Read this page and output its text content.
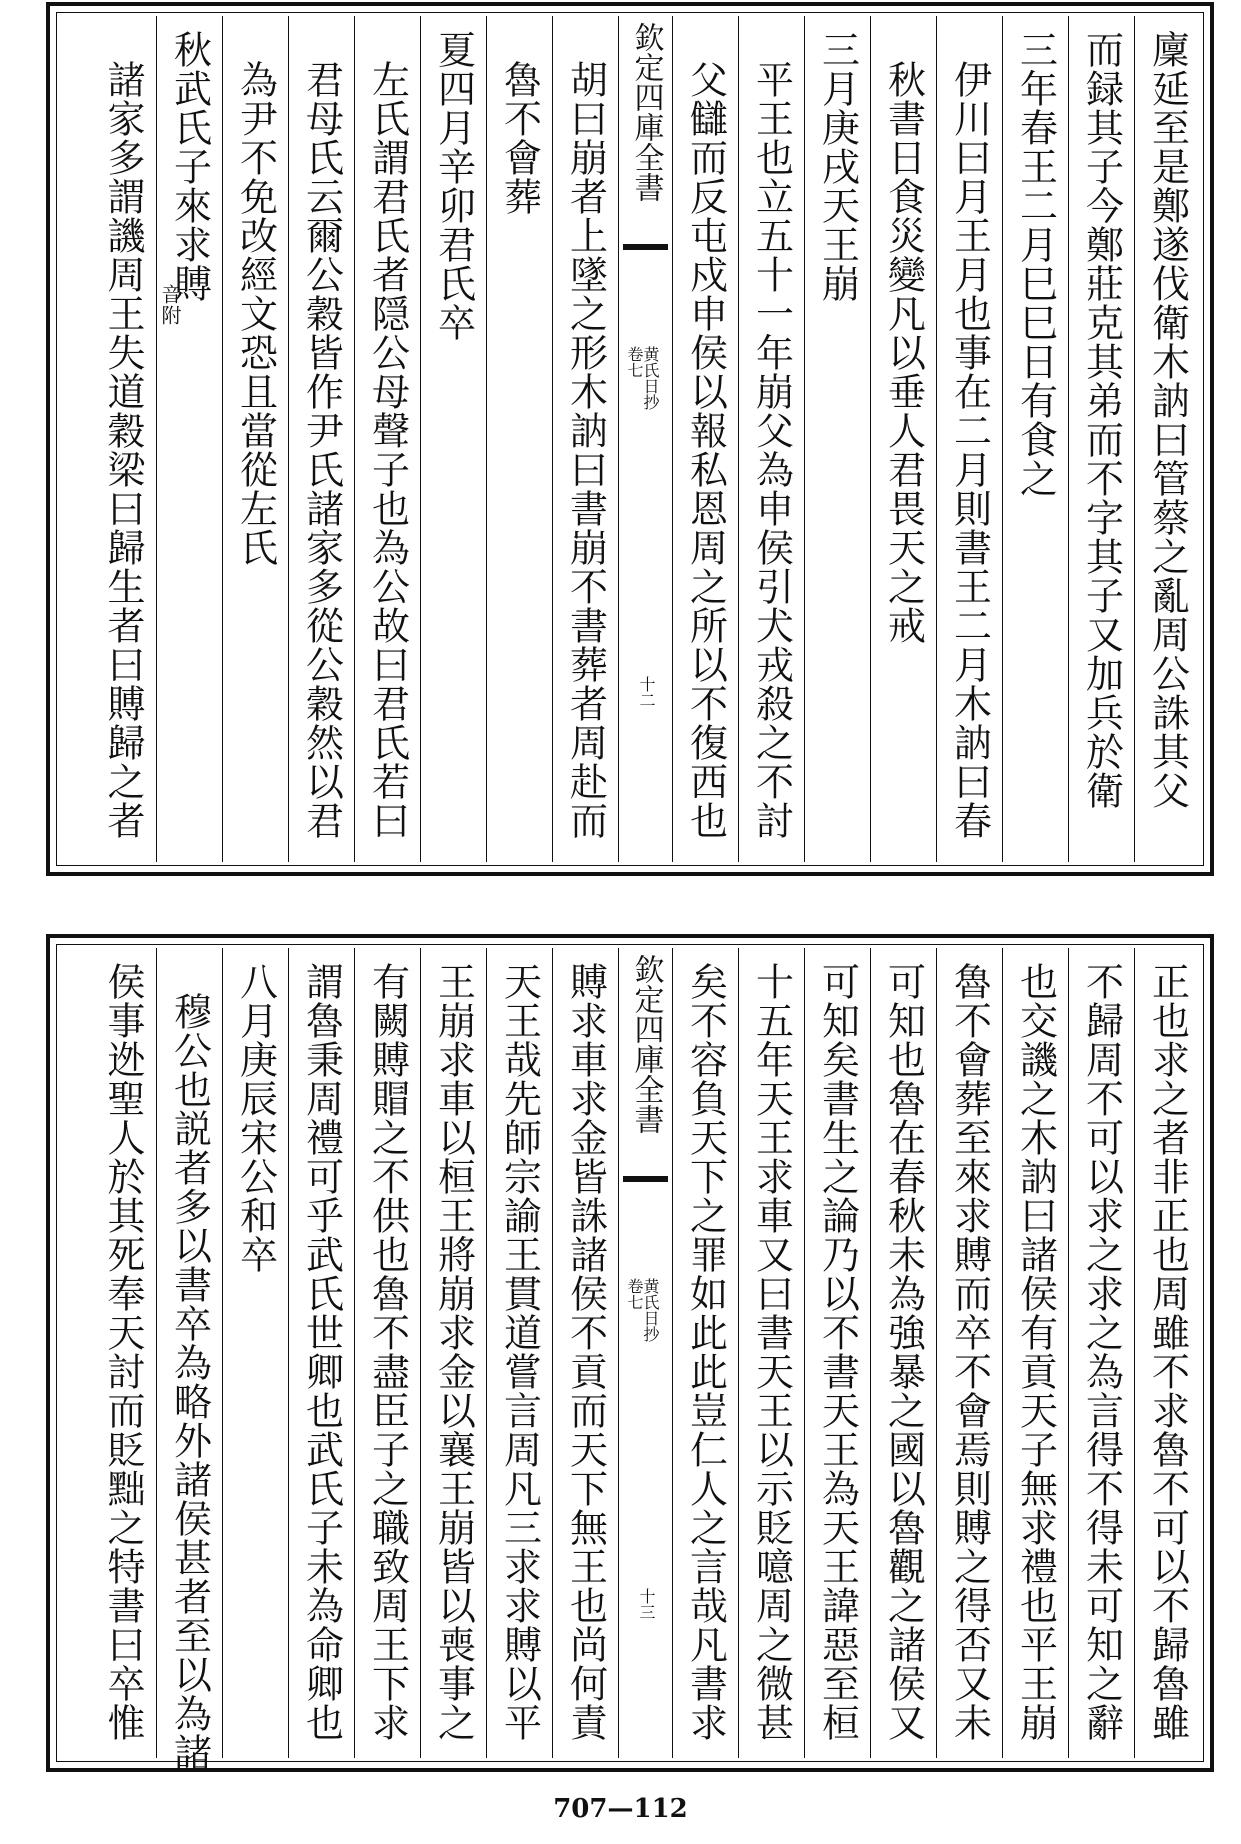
廩延至是鄭遂伐衛木訥曰管蔡之亂周公誅其父
而録其子今鄭莊克其弟而不字其子又加兵於衛
三年春王二月巳巳日有食之
伊川曰月王月也事在二月則書王二月木訥曰春
秋書日食災變凡以垂人君畏天之戒
三月庚戌天王崩
平王也立五十一年崩父為申侯引犬戎殺之不討
父讎而反屯戍申侯以報私恩周之所以不復西也
欽定四庫全書
黄氏日抄
卷七
十二
胡曰崩者上墜之形木訥曰書崩不書葬者周赴而
魯不會葬
夏四月辛卯君氏卒
左氏謂君氏者隠公母聲子也為公故曰君氏若曰
君母氏云爾公穀皆作尹氏諸家多從公穀然以君
為尹不免改經文恐且當從左氏
秋武氏子來求賻
音附
諸家多謂譏周王失道穀梁曰歸生者曰賻歸之者
正也求之者非正也周雖不求魯不可以不歸魯雖
不歸周不可以求之求之為言得不得未可知之辭
也交譏之木訥曰諸侯有貢天子無求禮也平王崩
魯不會葬至來求賻而卒不會焉則賻之得否又未
可知也魯在春秋未為強暴之國以魯觀之諸侯又
可知矣書生之論乃以不書天王為天王諱惡至桓
十五年天王求車又曰書天王以示貶噫周之微甚
矣不容負天下之罪如此此豈仁人之言哉凡書求
欽定四庫全書
黄氏日抄
卷七
十三
賻求車求金皆誅諸侯不貢而天下無王也尚何責
天王哉先師宗諭王貫道嘗言周凡三求求賻以平
王崩求車以桓王將崩求金以襄王崩皆以喪事之
有闕賻賵之不供也魯不盡臣子之職致周王下求
謂魯秉周禮可乎武氏世卿也武氏子未為命卿也
八月庚辰宋公和卒
穆公也説者多以書卒為略外諸侯甚者至以為諸
侯事迯聖人於其死奉天討而貶黜之特書曰卒惟
707—112
